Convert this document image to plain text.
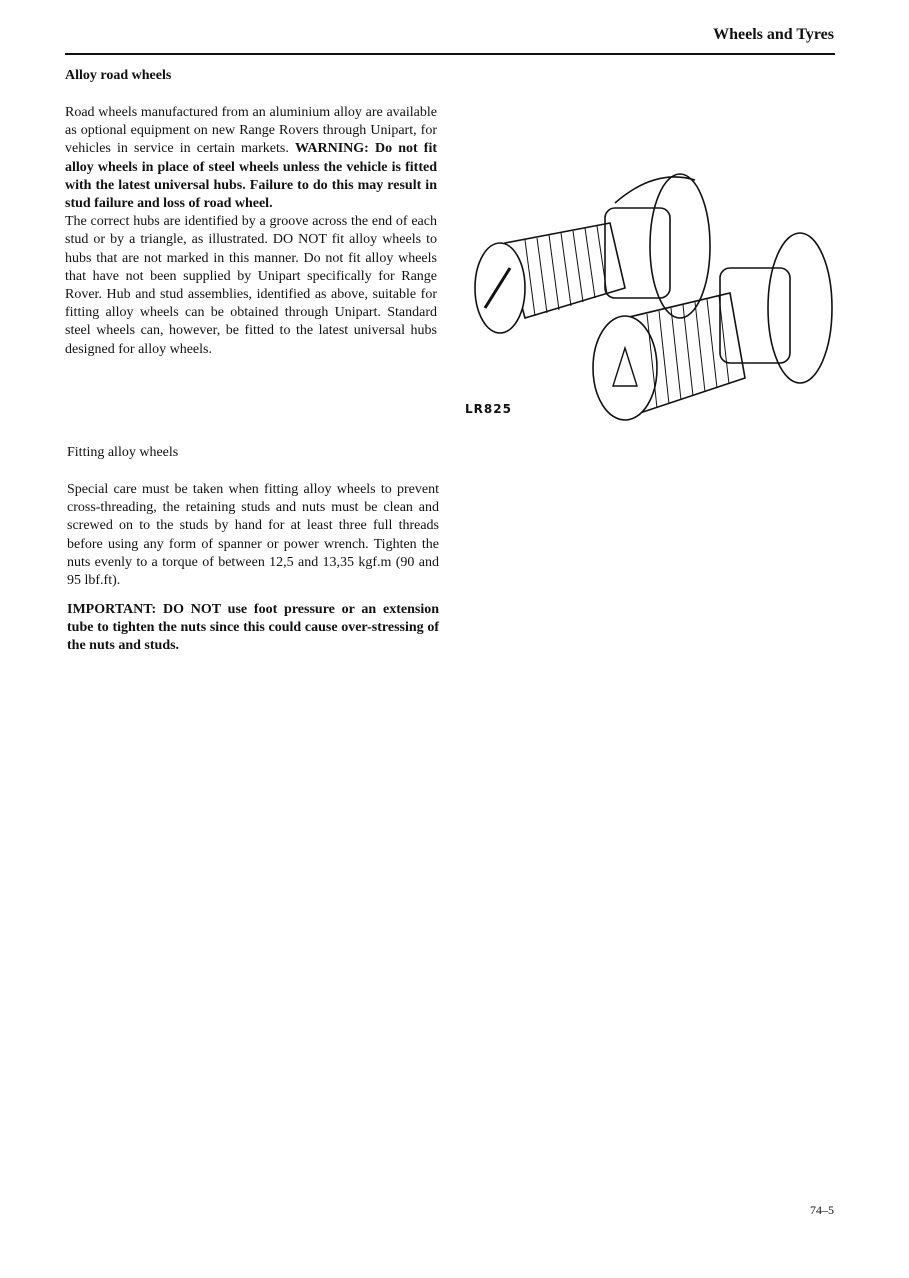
Wheels and Tyres
Alloy road wheels
Road wheels manufactured from an aluminium alloy are available as optional equipment on new Range Rovers through Unipart, for vehicles in service in certain markets. WARNING: Do not fit alloy wheels in place of steel wheels unless the vehicle is fitted with the latest universal hubs. Failure to do this may result in stud failure and loss of road wheel.
The correct hubs are identified by a groove across the end of each stud or by a triangle, as illustrated. DO NOT fit alloy wheels to hubs that are not marked in this manner. Do not fit alloy wheels that have not been supplied by Unipart specifically for Range Rover. Hub and stud assemblies, identified as above, suitable for fitting alloy wheels can be obtained through Unipart. Standard steel wheels can, however, be fitted to the latest universal hubs designed for alloy wheels.
LR825
Fitting alloy wheels

Special care must be taken when fitting alloy wheels to prevent cross-threading, the retaining studs and nuts must be clean and screwed on to the studs by hand for at least three full threads before using any form of spanner or power wrench. Tighten the nuts evenly to a torque of between 12,5 and 13,35 kgf.m (90 and 95 lbf.ft).

IMPORTANT: DO NOT use foot pressure or an extension tube to tighten the nuts since this could cause over-stressing of the nuts and studs.

74–5
